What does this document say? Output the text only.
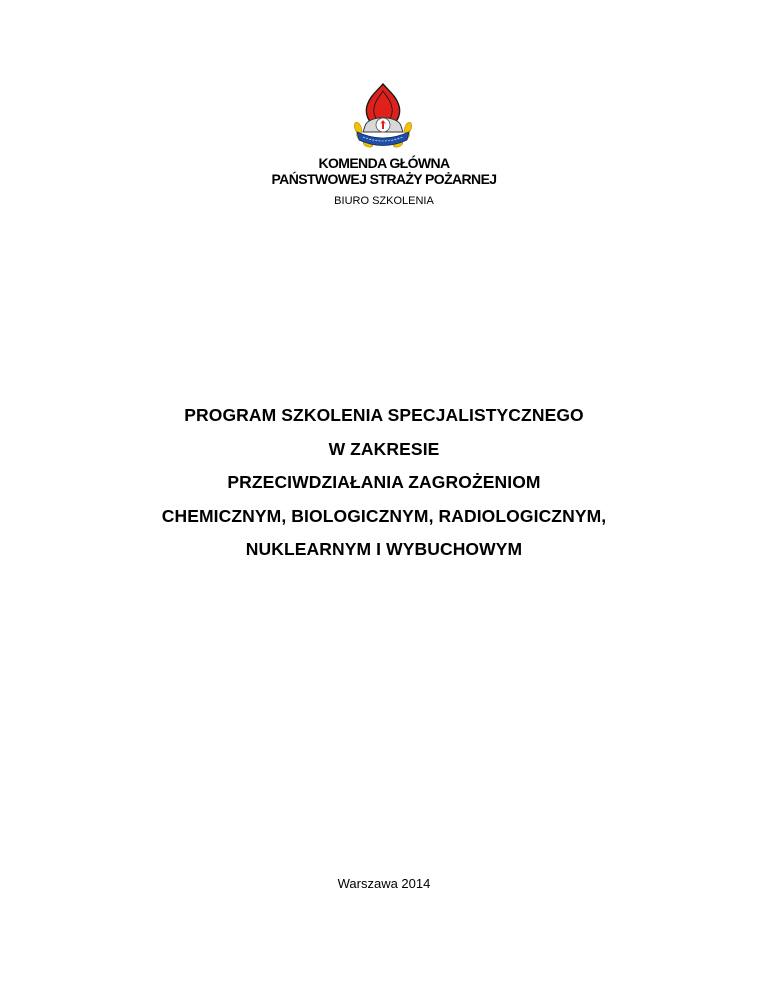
KOMENDA GŁÓWNA
PAŃSTWOWEJ STRAŻY POŻARNEJ
BIURO SZKOLENIA
PROGRAM SZKOLENIA SPECJALISTYCZNEGO
W ZAKRESIE
PRZECIWDZIAŁANIA ZAGROŻENIOM
CHEMICZNYM, BIOLOGICZNYM, RADIOLOGICZNYM,
NUKLEARNYM I WYBUCHOWYM
Warszawa 2014
